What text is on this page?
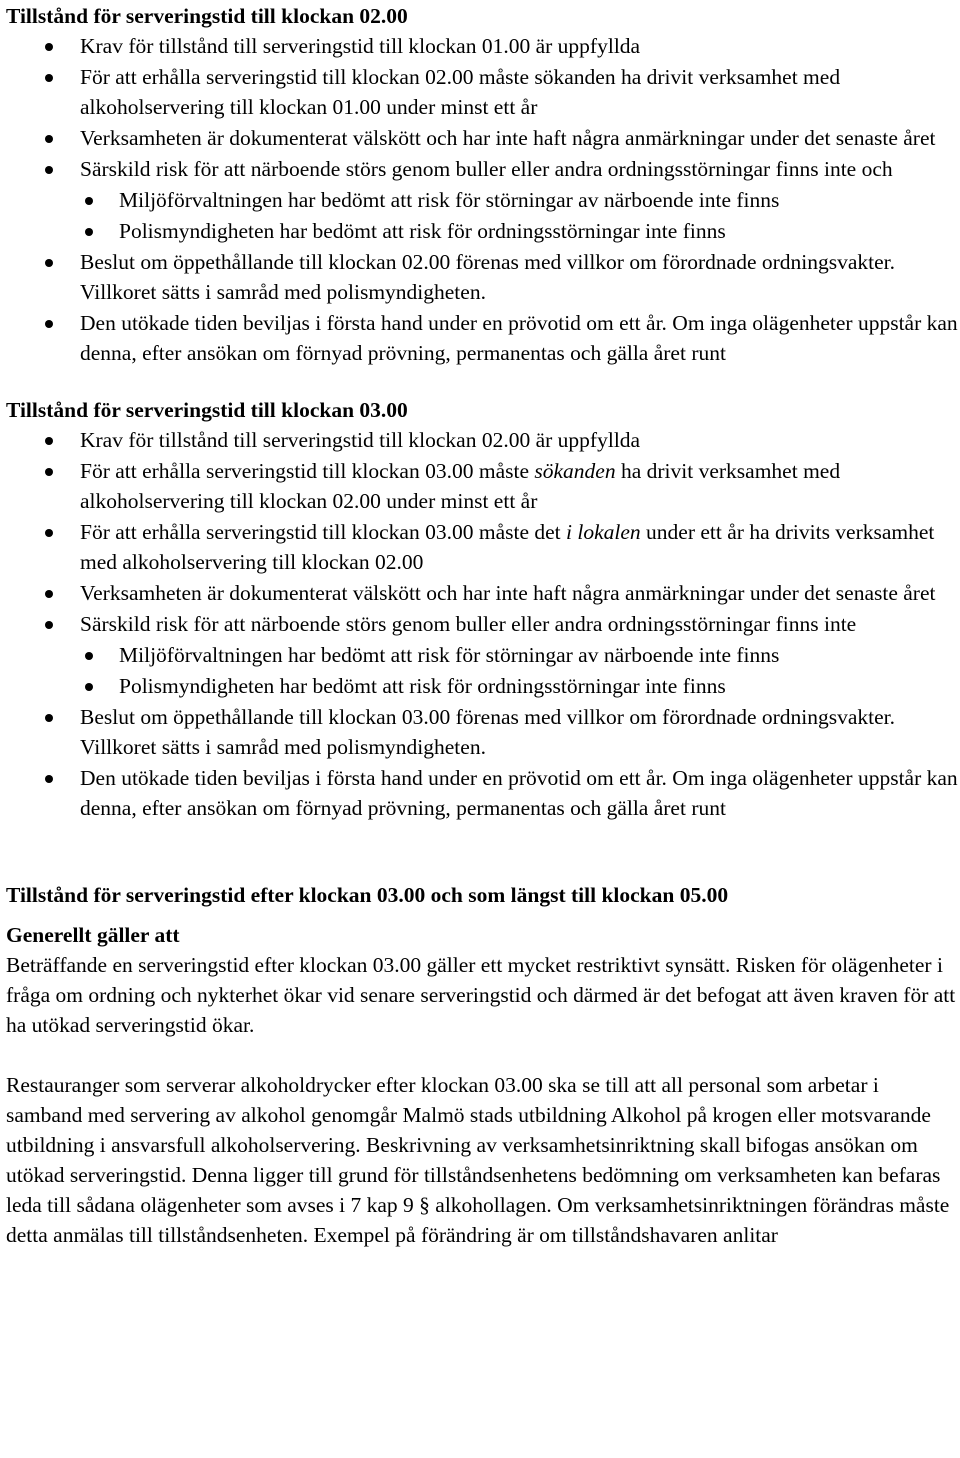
Tillstånd för serveringstid till klockan 02.00
Krav för tillstånd till serveringstid till klockan 01.00 är uppfyllda
För att erhålla serveringstid till klockan 02.00 måste sökanden ha drivit verksamhet med alkoholservering till klockan 01.00 under minst ett år
Verksamheten är dokumenterat välskött och har inte haft några anmärkningar under det senaste året
Särskild risk för att närboende störs genom buller eller andra ordningsstörningar finns inte och
Miljöförvaltningen har bedömt att risk för störningar av närboende inte finns
Polismyndigheten har bedömt att risk för ordningsstörningar inte finns
Beslut om öppethållande till klockan 02.00 förenas med villkor om förordnade ordningsvakter. Villkoret sätts i samråd med polismyndigheten.
Den utökade tiden beviljas i första hand under en prövotid om ett år. Om inga olägenheter uppstår kan denna, efter ansökan om förnyad prövning, permanentas och gälla året runt
Tillstånd för serveringstid till klockan 03.00
Krav för tillstånd till serveringstid till klockan 02.00 är uppfyllda
För att erhålla serveringstid till klockan 03.00 måste sökanden ha drivit verksamhet med alkoholservering till klockan 02.00 under minst ett år
För att erhålla serveringstid till klockan 03.00 måste det i lokalen under ett år ha drivits verksamhet med alkoholservering till klockan 02.00
Verksamheten är dokumenterat välskött och har inte haft några anmärkningar under det senaste året
Särskild risk för att närboende störs genom buller eller andra ordningsstörningar finns inte
Miljöförvaltningen har bedömt att risk för störningar av närboende inte finns
Polismyndigheten har bedömt att risk för ordningsstörningar inte finns
Beslut om öppethållande till klockan 03.00 förenas med villkor om förordnade ordningsvakter. Villkoret sätts i samråd med polismyndigheten.
Den utökade tiden beviljas i första hand under en prövotid om ett år. Om inga olägenheter uppstår kan denna, efter ansökan om förnyad prövning, permanentas och gälla året runt
Tillstånd för serveringstid efter klockan 03.00 och som längst till klockan 05.00

Generellt gäller att

Beträffande en serveringstid efter klockan 03.00 gäller ett mycket restriktivt synsätt. Risken för olägenheter i fråga om ordning och nykterhet ökar vid senare serveringstid och därmed är det befogat att även kraven för att ha utökad serveringstid ökar.

Restauranger som serverar alkoholdrycker efter klockan 03.00 ska se till att all personal som arbetar i samband med servering av alkohol genomgår Malmö stads utbildning Alkohol på krogen eller motsvarande utbildning i ansvarsfull alkoholservering. Beskrivning av verksamhetsinriktning skall bifogas ansökan om utökad serveringstid. Denna ligger till grund för tillståndsenhetens bedömning om verksamheten kan befaras leda till sådana olägenheter som avses i 7 kap 9 § alkohollagen. Om verksamhetsinriktningen förändras måste detta anmälas till tillståndsenheten. Exempel på förändring är om tillståndshavaren anlitar
